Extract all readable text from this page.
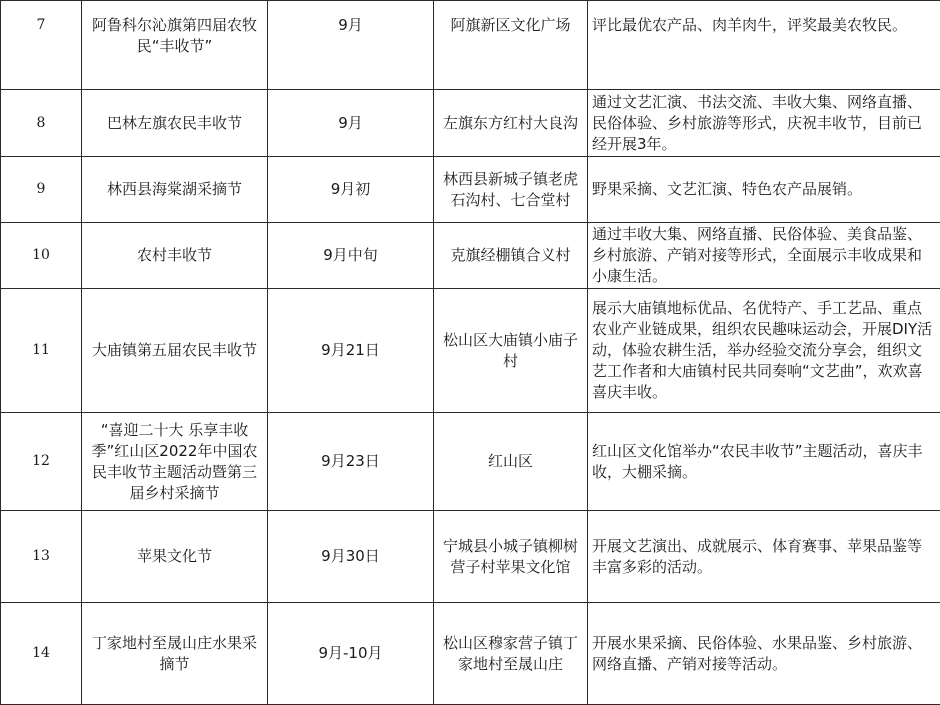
7	阿鲁科尔沁旗第四届农牧民“丰收节”	9月	阿旗新区文化广场	评比最优农产品、肉羊肉牛，评奖最美农牧民。
8	巴林左旗农民丰收节	9月	左旗东方红村大良沟	通过文艺汇演、书法交流、丰收大集、网络直播、民俗体验、乡村旅游等形式，庆祝丰收节，目前已经开展3年。
9	林西县海棠湖采摘节	9月初	林西县新城子镇老虎石沟村、七合堂村	野果采摘、文艺汇演、特色农产品展销。
10	农村丰收节	9月中旬	克旗经棚镇合义村	通过丰收大集、网络直播、民俗体验、美食品鉴、乡村旅游、产销对接等形式，全面展示丰收成果和小康生活。
11	大庙镇第五届农民丰收节	9月21日	松山区大庙镇小庙子村	展示大庙镇地标优品、名优特产、手工艺品、重点农业产业链成果，组织农民趣味运动会，开展DIY活动，体验农耕生活，举办经验交流分享会，组织文艺工作者和大庙镇村民共同奏响“文艺曲”，欢欢喜喜庆丰收。
12	“喜迎二十大 乐享丰收季”红山区2022年中国农民丰收节主题活动暨第三届乡村采摘节	9月23日	红山区	红山区文化馆举办“农民丰收节”主题活动，喜庆丰收，大棚采摘。
13	苹果文化节	9月30日	宁城县小城子镇柳树营子村苹果文化馆	开展文艺演出、成就展示、体育赛事、苹果品鉴等丰富多彩的活动。
14	丁家地村至晟山庄水果采摘节	9月-10月	松山区穆家营子镇丁家地村至晟山庄	开展水果采摘、民俗体验、水果品鉴、乡村旅游、网络直播、产销对接等活动。
